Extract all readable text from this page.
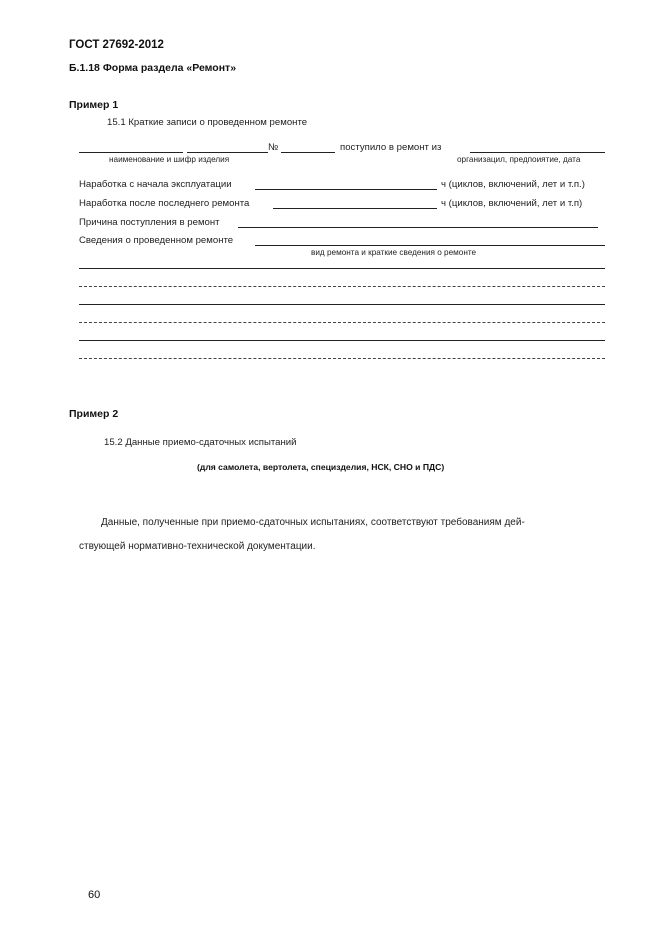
ГОСТ 27692-2012
Б.1.18 Форма раздела «Ремонт»
Пример 1
15.1 Краткие записи о проведенном ремонте
№	поступило в ремонт из
наименование и шифр изделия	организацил, предпоиятие, дата
Наработка с начала эксплуатации	ч (циклов, включений, лет и т.п.)
Наработка после последнего ремонта	ч (циклов, включений, лет и т.п)
Причина поступления в ремонт
Сведения о проведенном ремонте
вид ремонта и краткие сведения о ремонте
Пример 2
15.2 Данные приемо-сдаточных испытаний
(для самолета, вертолета, специзделия, НСК, СНО и ПДС)
Данные, полученные при приемо-сдаточных испытаниях, соответствуют требованиям дей-
ствующей нормативно-технической документации.
60
